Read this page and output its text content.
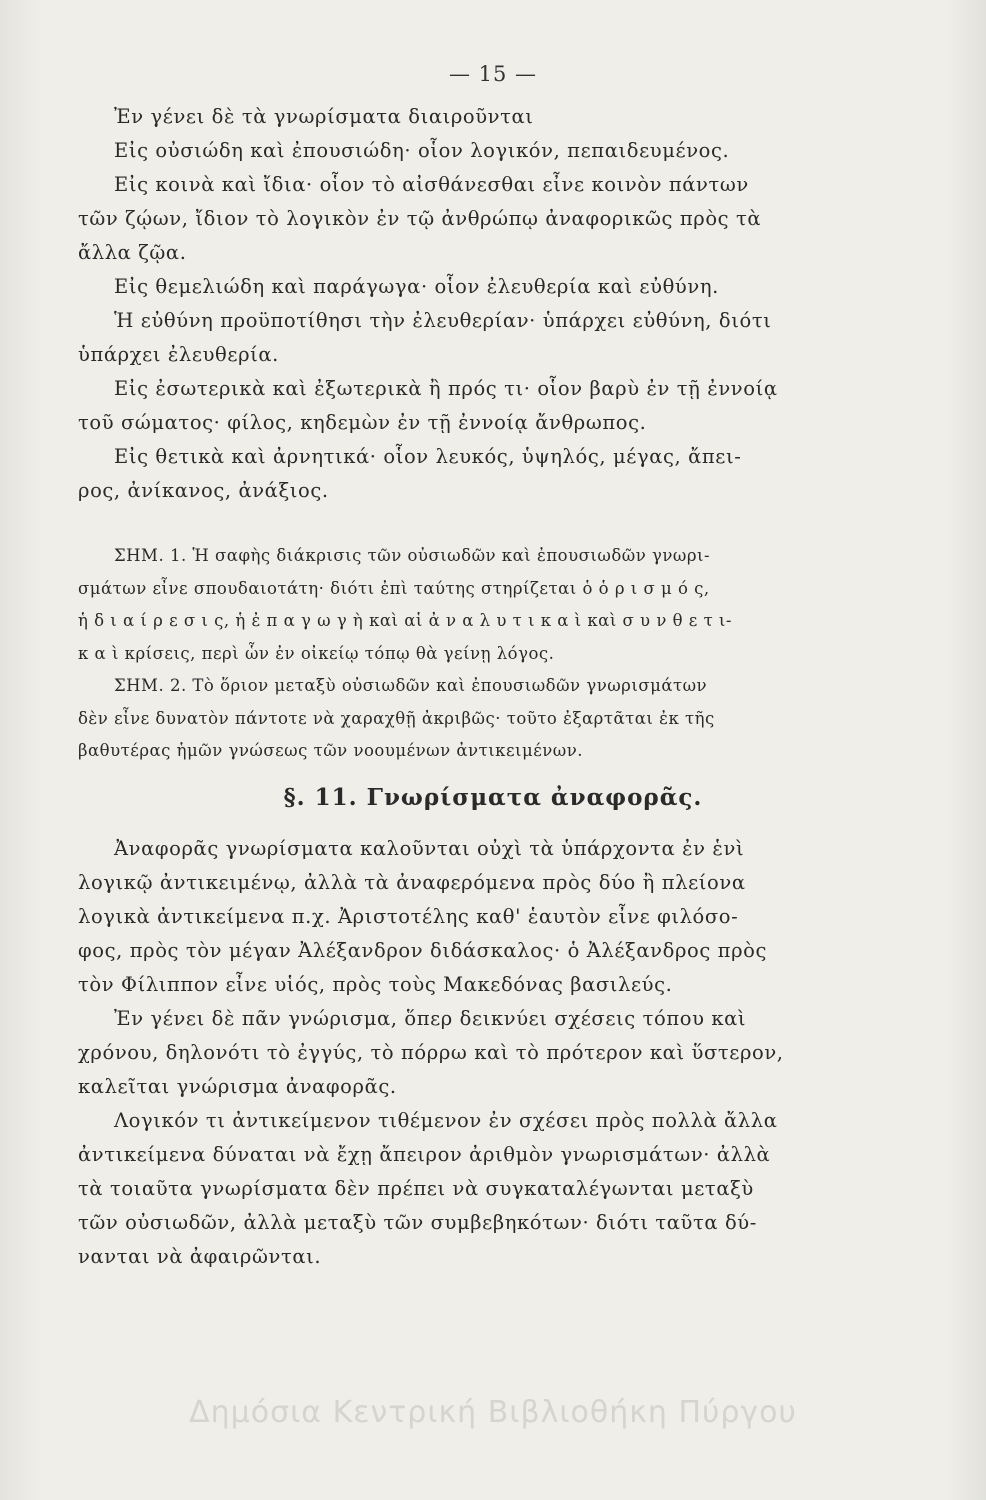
— 15 —
Ἐν γένει δὲ τὰ γνωρίσματα διαιροῦνται
Εἰς οὐσιώδη καὶ ἐπουσιώδη· οἷον λογικόν, πεπαιδευμένος.
Εἰς κοινὰ καὶ ἴδια· οἷον τὸ αἰσθάνεσθαι εἶνε κοινὸν πάντων
τῶν ζῴων, ἴδιον τὸ λογικὸν ἐν τῷ ἀνθρώπῳ ἀναφορικῶς πρὸς τὰ
ἄλλα ζῷα.
Εἰς θεμελιώδη καὶ παράγωγα· οἷον ἐλευθερία καὶ εὐθύνη.
Ἡ εὐθύνη προϋποτίθησι τὴν ἐλευθερίαν· ὑπάρχει εὐθύνη, διότι
ὑπάρχει ἐλευθερία.
Εἰς ἐσωτερικὰ καὶ ἐξωτερικὰ ἢ πρός τι· οἷον βαρὺ ἐν τῇ ἐννοίᾳ
τοῦ σώματος· φίλος, κηδεμὼν ἐν τῇ ἐννοίᾳ ἄνθρωπος.
Εἰς θετικὰ καὶ ἀρνητικά· οἷον λευκός, ὑψηλός, μέγας, ἄπει-
ρος, ἀνίκανος, ἀνάξιος.
ΣΗΜ. 1. Ἡ σαφὴς διάκρισις τῶν οὐσιωδῶν καὶ ἐπουσιωδῶν γνωρι-
σμάτων εἶνε σπουδαιοτάτη· διότι ἐπὶ ταύτης στηρίζεται ὁ ὁ ρ ι σ μ ό ς,
ἡ δ ι α ί ρ ε σ ι ς, ἡ ἐ π α γ ω γ ὴ καὶ αἱ ἀ ν α λ υ τ ι κ α ὶ καὶ σ υ ν θ ε τ ι-
κ α ὶ κρίσεις, περὶ ὧν ἐν οἰκείῳ τόπῳ θὰ γείνῃ λόγος.
ΣΗΜ. 2. Τὸ ὅριον μεταξὺ οὐσιωδῶν καὶ ἐπουσιωδῶν γνωρισμάτων
δὲν εἶνε δυνατὸν πάντοτε νὰ χαραχθῇ ἀκριβῶς· τοῦτο ἐξαρτᾶται ἐκ τῆς
βαθυτέρας ἡμῶν γνώσεως τῶν νοουμένων ἀντικειμένων.
§. 11. Γνωρίσματα ἀναφορᾶς.
Ἀναφορᾶς γνωρίσματα καλοῦνται οὐχὶ τὰ ὑπάρχοντα ἐν ἑνὶ
λογικῷ ἀντικειμένῳ, ἀλλὰ τὰ ἀναφερόμενα πρὸς δύο ἢ πλείονα
λογικὰ ἀντικείμενα π.χ. Ἀριστοτέλης καθ' ἑαυτὸν εἶνε φιλόσο-
φος, πρὸς τὸν μέγαν Ἀλέξανδρον διδάσκαλος· ὁ Ἀλέξανδρος πρὸς
τὸν Φίλιππον εἶνε υἱός, πρὸς τοὺς Μακεδόνας βασιλεύς.
Ἐν γένει δὲ πᾶν γνώρισμα, ὅπερ δεικνύει σχέσεις τόπου καὶ
χρόνου, δηλονότι τὸ ἐγγύς, τὸ πόρρω καὶ τὸ πρότερον καὶ ὕστερον,
καλεῖται γνώρισμα ἀναφορᾶς.
Λογικόν τι ἀντικείμενον τιθέμενον ἐν σχέσει πρὸς πολλὰ ἄλλα
ἀντικείμενα δύναται νὰ ἔχῃ ἄπειρον ἀριθμὸν γνωρισμάτων· ἀλλὰ
τὰ τοιαῦτα γνωρίσματα δὲν πρέπει νὰ συγκαταλέγωνται μεταξὺ
τῶν οὐσιωδῶν, ἀλλὰ μεταξὺ τῶν συμβεβηκότων· διότι ταῦτα δύ-
νανται νὰ ἀφαιρῶνται.
Δημόσια Κεντρική Βιβλιοθήκη Πύργου
